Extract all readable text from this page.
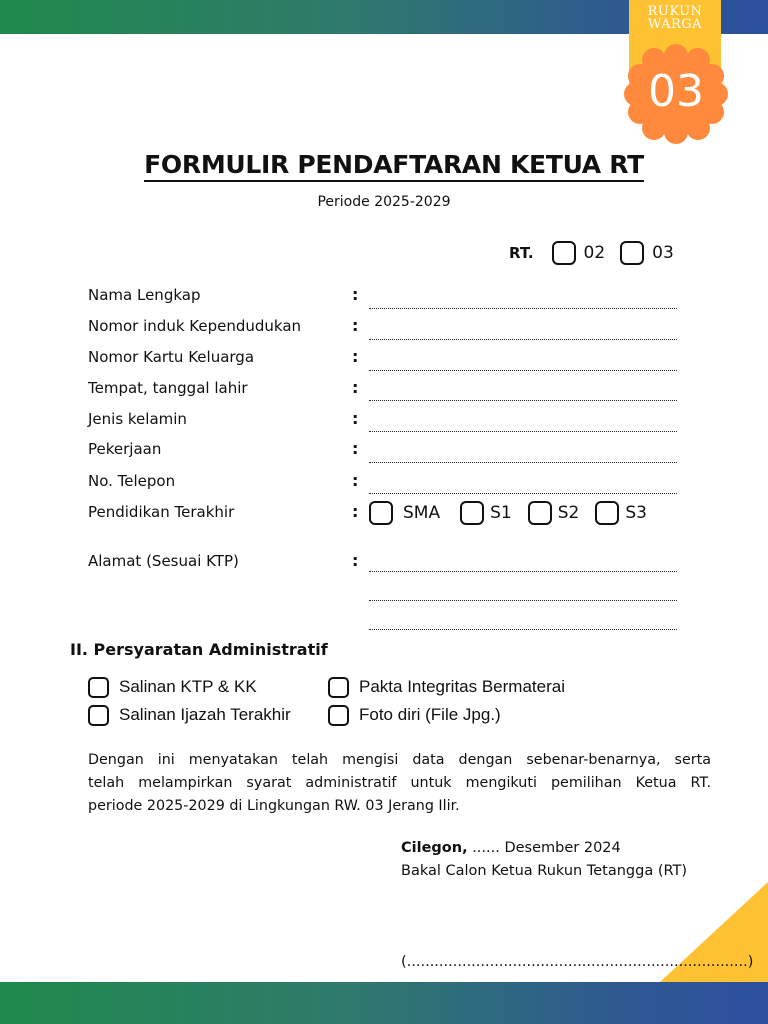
RUKUN
WARGA
03
FORMULIR PENDAFTARAN KETUA RT
Periode 2025-2029
RT.	02	03
Nama Lengkap	:
Nomor induk Kependudukan	:
Nomor Kartu Keluarga	:
Tempat, tanggal lahir	:
Jenis kelamin	:
Pekerjaan	:
No. Telepon	:
Pendidikan Terakhir	:	SMA	S1	S2	S3
Alamat (Sesuai KTP)	:
II. Persyaratan Administratif
Salinan KTP & KK	Pakta Integritas Bermaterai
Salinan Ijazah Terakhir	Foto diri (File Jpg.)
Dengan ini menyatakan telah mengisi data dengan sebenar-benarnya, serta
telah melampirkan syarat administratif untuk mengikuti pemilihan Ketua RT.
periode 2025-2029 di Lingkungan RW. 03 Jerang Ilir.
Cilegon, ...... Desember 2024
Bakal Calon Ketua Rukun Tetangga (RT)
(..........................................................................)
